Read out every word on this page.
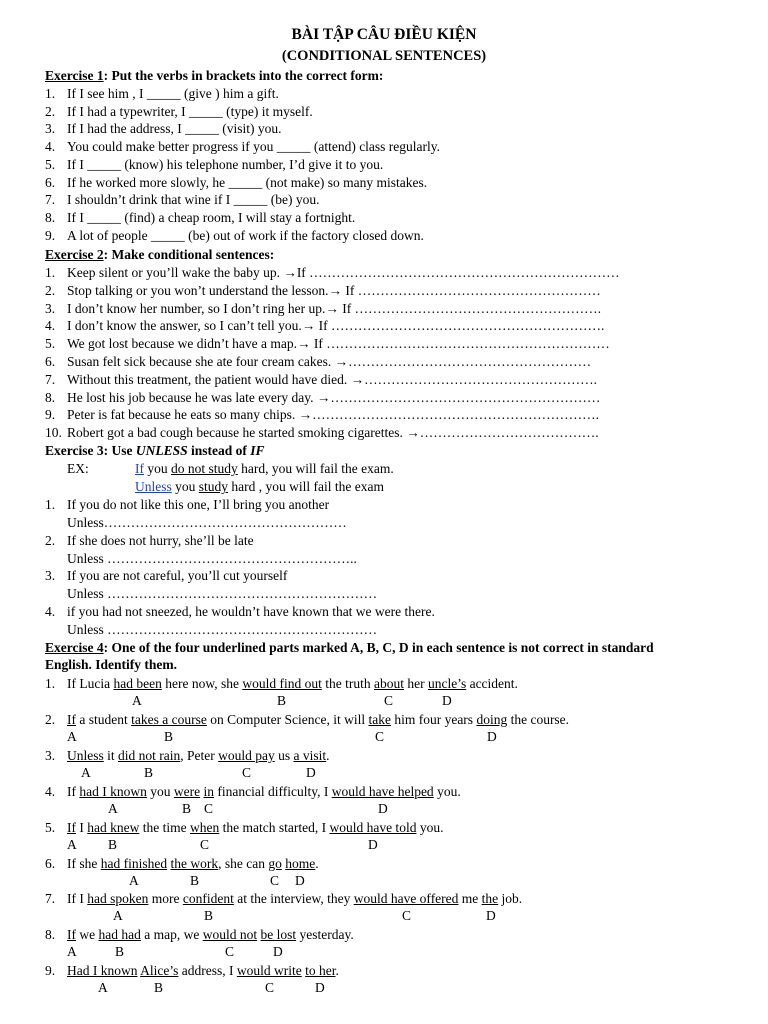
BÀI TẬP CÂU ĐIỀU KIỆN
(CONDITIONAL SENTENCES)
Exercise 1: Put the verbs in brackets into the correct form:
1. If I see him , I _____ (give ) him a gift.
2. If I had a typewriter, I _____ (type) it myself.
3. If I had the address, I _____ (visit) you.
4. You could make better progress if you _____ (attend) class regularly.
5. If I _____ (know) his telephone number, I’d give it to you.
6. If he worked more slowly, he _____ (not make) so many mistakes.
7. I shouldn’t drink that wine if I _____ (be) you.
8. If I _____ (find) a cheap room, I will stay a fortnight.
9. A lot of people _____ (be) out of work if the factory closed down.
Exercise 2: Make conditional sentences:
1. Keep silent or you’ll wake the baby up. →If ……………………………………………………………
2. Stop talking or you won’t understand the lesson.→ If ………………………………………………
3. I don’t know her number, so I don’t ring her up.→ If ……………………………………………….
4. I don’t know the answer, so I can’t tell you.→ If …………………………………………………….
5. We got lost because we didn’t have a map.→ If ………………………………………………………
6. Susan felt sick because she ate four cream cakes. →………………………………………………
7. Without this treatment, the patient would have died. →…………………………………………….
8. He lost his job because he was late every day. →……………………………………………………
9. Peter is fat because he eats so many chips. →……………………………………………………….
10. Robert got a bad cough because he started smoking cigarettes. →………………………………….
Exercise 3: Use UNLESS instead of IF
EX:	If you do not study hard, you will fail the exam.
Unless you study hard , you will fail the exam
1. If you do not like this one, I’ll bring you another
Unless………………………………………………
2. If she does not hurry, she’ll be late
Unless ………………………………………………..
3. If you are not careful, you’ll cut yourself
Unless ……………………………………………………
4. if you had not sneezed, he wouldn’t have known that we were there.
Unless ……………………………………………………
Exercise 4: One of the four underlined parts marked A, B, C, D in each sentence is not correct in standard
English. Identify them.
1. If Lucia had been here now, she would find out the truth about her uncle’s accident.
A	B	C	D
2. If a student takes a course on Computer Science, it will take him four years doing the course.
A	B	C	D
3. Unless it did not rain, Peter would pay us a visit.
A	B	C	D
4. If had I known you were in financial difficulty, I would have helped you.
A	B C	D
5. If I had knew the time when the match started, I would have told you.
A B	C	D
6. If she had finished the work, she can go home.
A	B	C D
7. If I had spoken more confident at the interview, they would have offered me the job.
A	B	C	D
8. If we had had a map, we would not be lost yesterday.
A	B	C	D
9. Had I known Alice’s address, I would write to her.
A	B	C	D
